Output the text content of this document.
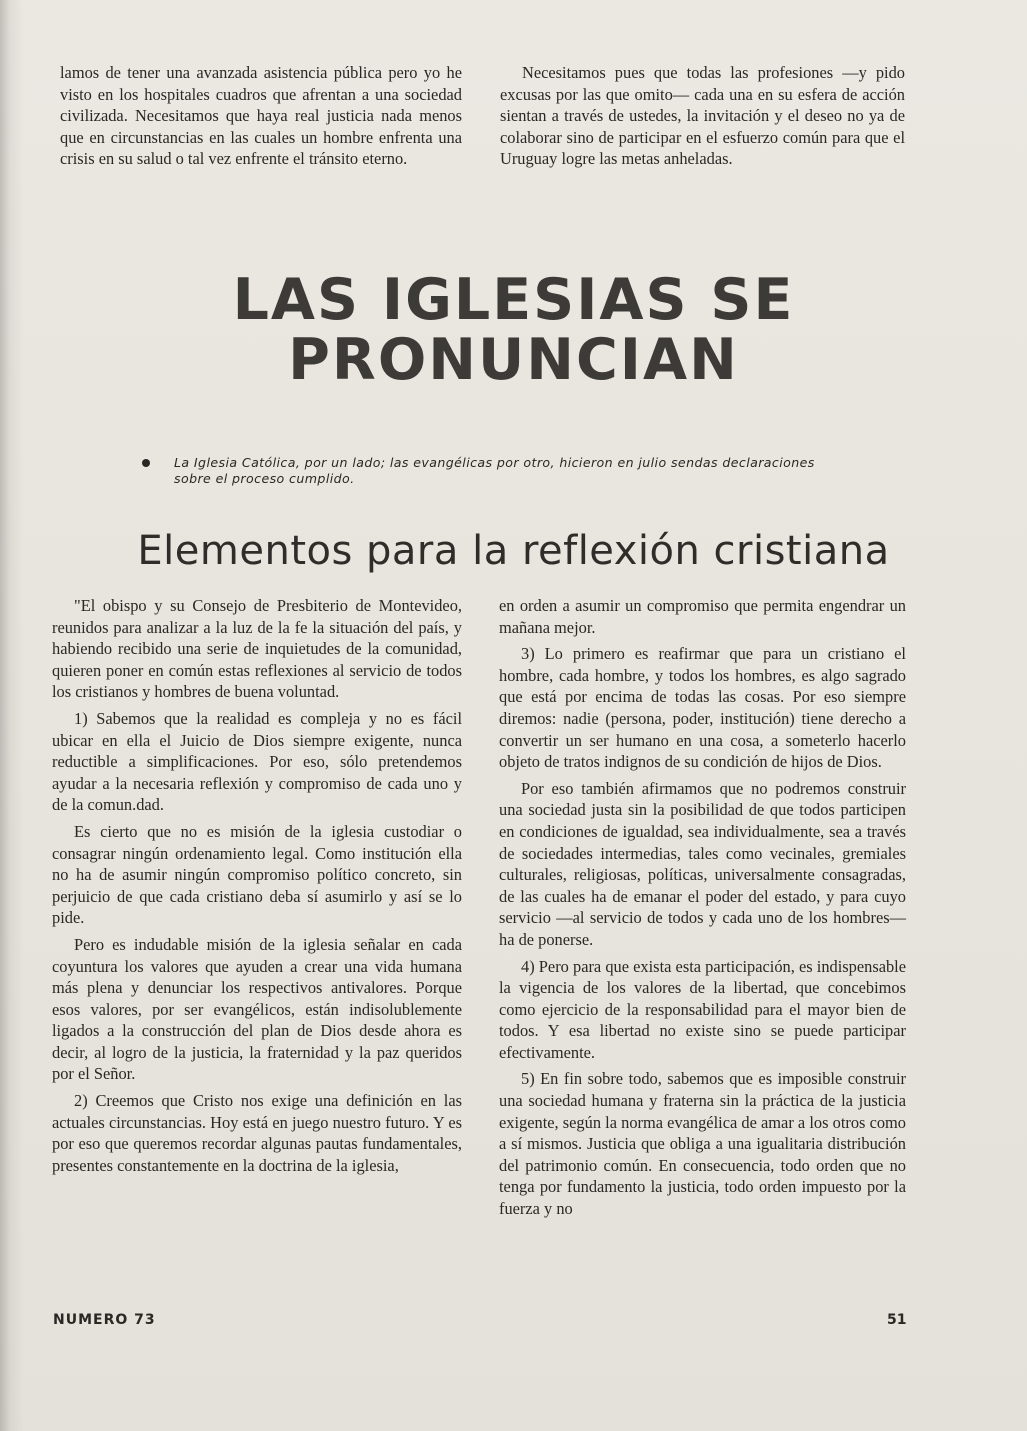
lamos de tener una avanzada asistencia pública pero yo he visto en los hospitales cuadros que afrentan a una sociedad civilizada. Necesitamos que haya real justicia nada menos que en circunstancias en las cuales un hombre enfrenta una crisis en su salud o tal vez enfrente el tránsito eterno.

Necesitamos pues que todas las profesiones —y pido excusas por las que omito— cada una en su esfera de acción sientan a través de ustedes, la invitación y el deseo no ya de colaborar sino de participar en el esfuerzo común para que el Uruguay logre las metas anheladas.

LAS IGLESIAS SE
PRONUNCIAN
La Iglesia Católica, por un lado; las evangélicas por otro, hicieron en julio sendas declaraciones sobre el proceso cumplido.
Elementos para la reflexión cristiana

"El obispo y su Consejo de Presbiterio de Montevideo, reunidos para analizar a la luz de la fe la situación del país, y habiendo recibido una serie de inquietudes de la comunidad, quieren poner en común estas reflexiones al servicio de todos los cristianos y hombres de buena voluntad.

1) Sabemos que la realidad es compleja y no es fácil ubicar en ella el Juicio de Dios siempre exigente, nunca reductible a simplificaciones. Por eso, sólo pretendemos ayudar a la necesaria reflexión y compromiso de cada uno y de la comun.dad.

Es cierto que no es misión de la iglesia custodiar o consagrar ningún ordenamiento legal. Como institución ella no ha de asumir ningún compromiso político concreto, sin perjuicio de que cada cristiano deba sí asumirlo y así se lo pide.

Pero es indudable misión de la iglesia señalar en cada coyuntura los valores que ayuden a crear una vida humana más plena y denunciar los respectivos antivalores. Porque esos valores, por ser evangélicos, están indisolublemente ligados a la construcción del plan de Dios desde ahora es decir, al logro de la justicia, la fraternidad y la paz queridos por el Señor.

2) Creemos que Cristo nos exige una definición en las actuales circunstancias. Hoy está en juego nuestro futuro. Y es por eso que queremos recordar algunas pautas fundamentales, presentes constantemente en la doctrina de la iglesia,

en orden a asumir un compromiso que permita engendrar un mañana mejor.

3) Lo primero es reafirmar que para un cristiano el hombre, cada hombre, y todos los hombres, es algo sagrado que está por encima de todas las cosas. Por eso siempre diremos: nadie (persona, poder, institución) tiene derecho a convertir un ser humano en una cosa, a someterlo hacerlo objeto de tratos indignos de su condición de hijos de Dios.

Por eso también afirmamos que no podremos construir una sociedad justa sin la posibilidad de que todos participen en condiciones de igualdad, sea individualmente, sea a través de sociedades intermedias, tales como vecinales, gremiales culturales, religiosas, políticas, universalmente consagradas, de las cuales ha de emanar el poder del estado, y para cuyo servicio —al servicio de todos y cada uno de los hombres— ha de ponerse.

4) Pero para que exista esta participación, es indispensable la vigencia de los valores de la libertad, que concebimos como ejercicio de la responsabilidad para el mayor bien de todos. Y esa libertad no existe sino se puede participar efectivamente.

5) En fin sobre todo, sabemos que es imposible construir una sociedad humana y fraterna sin la práctica de la justicia exigente, según la norma evangélica de amar a los otros como a sí mismos. Justicia que obliga a una igualitaria distribución del patrimonio común. En consecuencia, todo orden que no tenga por fundamento la justicia, todo orden impuesto por la fuerza y no

NUMERO 73	51
